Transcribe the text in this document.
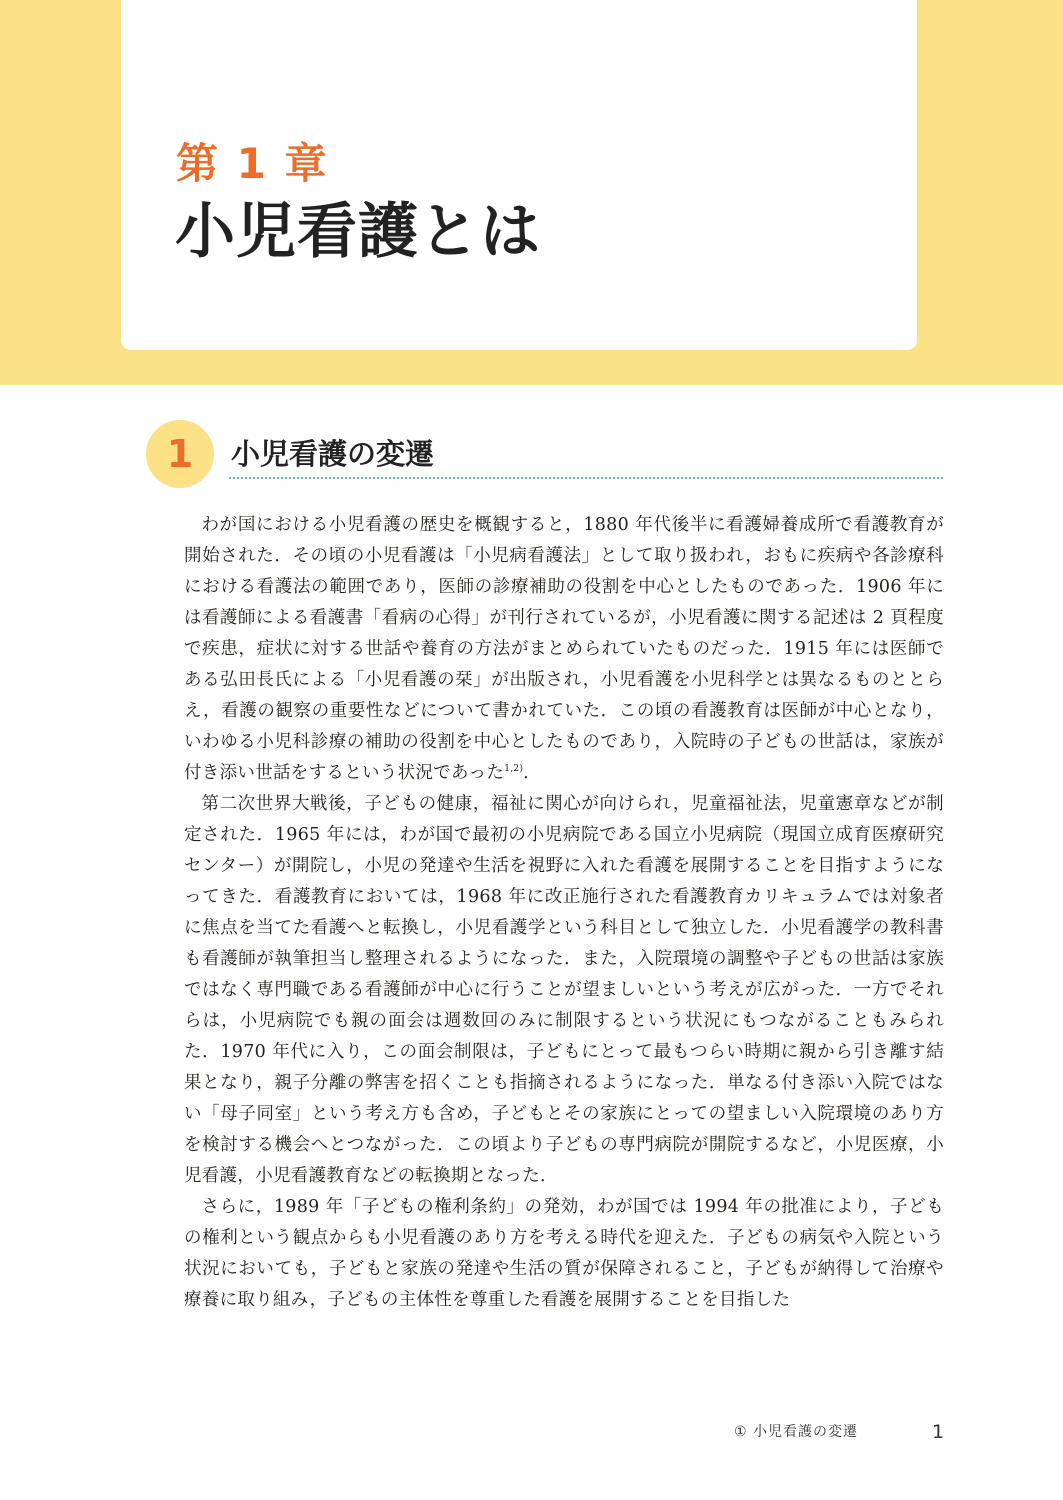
第 1 章
小児看護とは
1	小児看護の変遷

わが国における小児看護の歴史を概観すると，1880 年代後半に看護婦養成所で看護教育が開始された．その頃の小児看護は「小児病看護法」として取り扱われ，おもに疾病や各診療科における看護法の範囲であり，医師の診療補助の役割を中心としたものであった．1906 年には看護師による看護書「看病の心得」が刊行されているが，小児看護に関する記述は 2 頁程度で疾患，症状に対する世話や養育の方法がまとめられていたものだった．1915 年には医師である弘田長氏による「小児看護の栞」が出版され，小児看護を小児科学とは異なるものととらえ，看護の観察の重要性などについて書かれていた．この頃の看護教育は医師が中心となり，いわゆる小児科診療の補助の役割を中心としたものであり，入院時の子どもの世話は，家族が付き添い世話をするという状況であった$^{1,2)}$．

第二次世界大戦後，子どもの健康，福祉に関心が向けられ，児童福祉法，児童憲章などが制定された．1965 年には，わが国で最初の小児病院である国立小児病院（現国立成育医療研究センター）が開院し，小児の発達や生活を視野に入れた看護を展開することを目指すようになってきた．看護教育においては，1968 年に改正施行された看護教育カリキュラムでは対象者に焦点を当てた看護へと転換し，小児看護学という科目として独立した．小児看護学の教科書も看護師が執筆担当し整理されるようになった．また，入院環境の調整や子どもの世話は家族ではなく専門職である看護師が中心に行うことが望ましいという考えが広がった．一方でそれらは，小児病院でも親の面会は週数回のみに制限するという状況にもつながることもみられた．1970 年代に入り，この面会制限は，子どもにとって最もつらい時期に親から引き離す結果となり，親子分離の弊害を招くことも指摘されるようになった．単なる付き添い入院ではない「母子同室」という考え方も含め，子どもとその家族にとっての望ましい入院環境のあり方を検討する機会へとつながった．この頃より子どもの専門病院が開院するなど，小児医療，小児看護，小児看護教育などの転換期となった．

さらに，1989 年「子どもの権利条約」の発効，わが国では 1994 年の批准により，子どもの権利という観点からも小児看護のあり方を考える時代を迎えた．子どもの病気や入院という状況においても，子どもと家族の発達や生活の質が保障されること，子どもが納得して治療や療養に取り組み，子どもの主体性を尊重した看護を展開することを目指した

① 小児看護の変遷	1
